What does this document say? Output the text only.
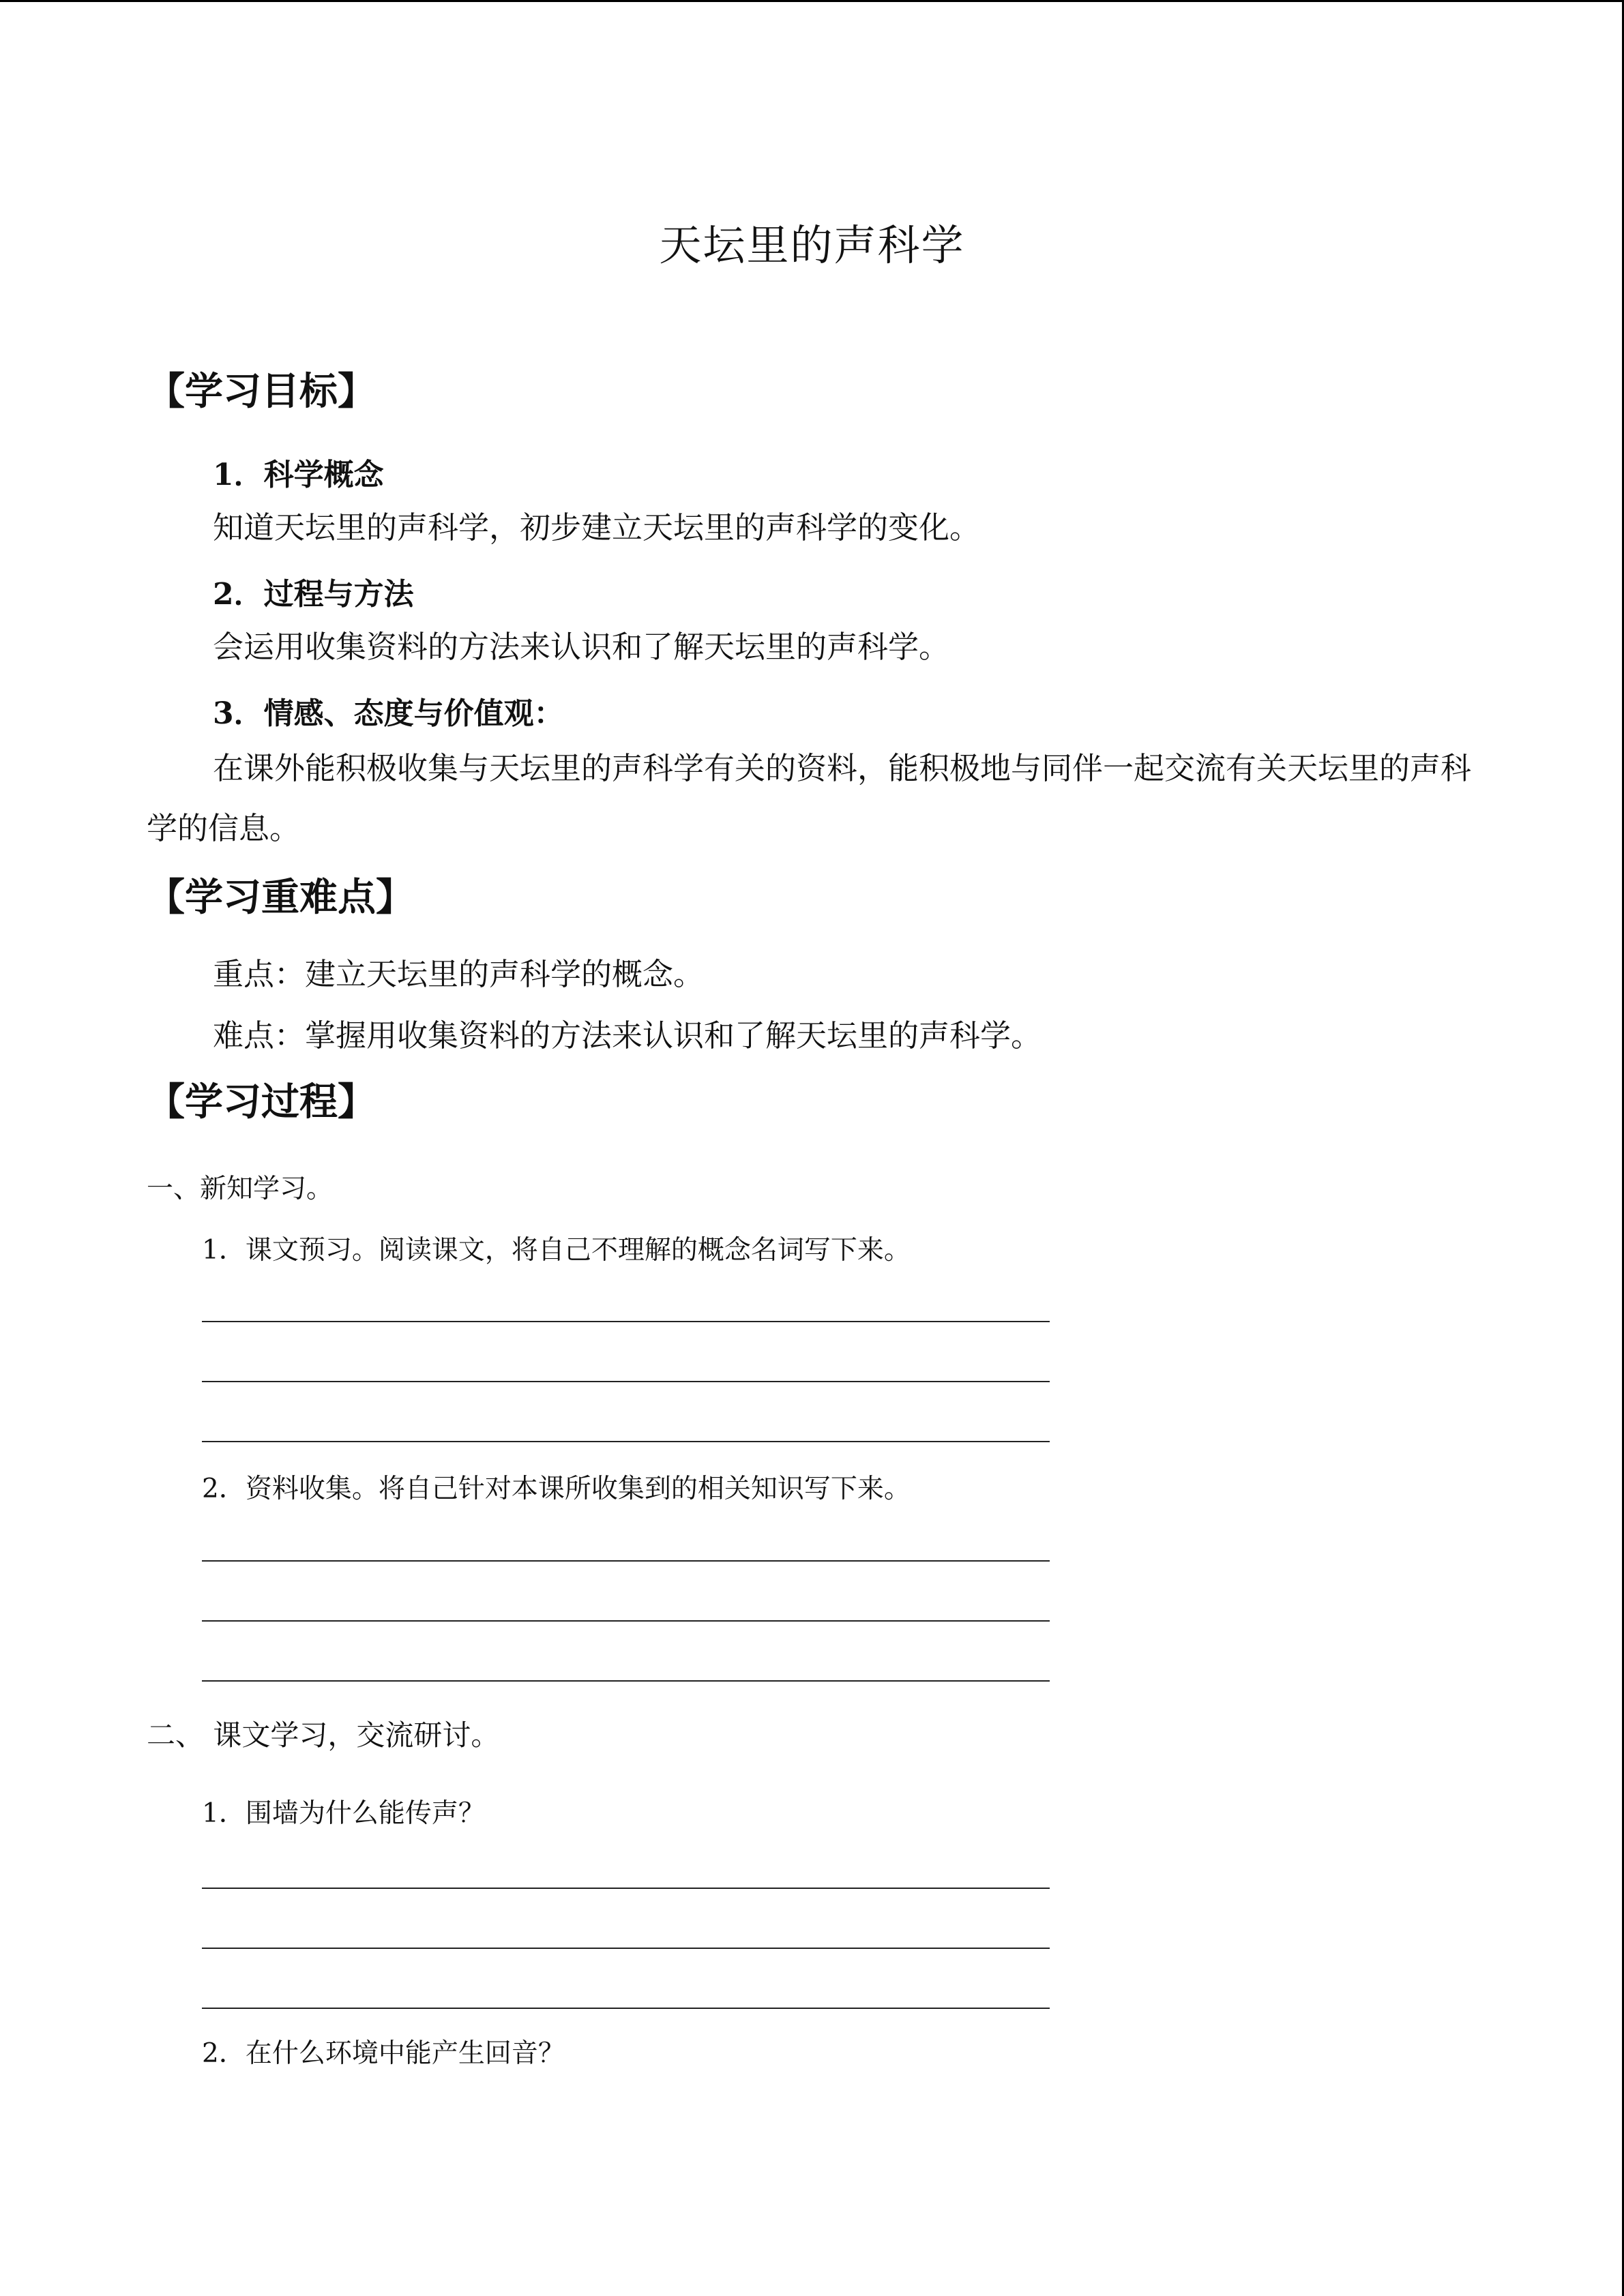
天坛里的声科学
【学习目标】
1．科学概念
知道天坛里的声科学，初步建立天坛里的声科学的变化。
2．过程与方法
会运用收集资料的方法来认识和了解天坛里的声科学。
3．情感、态度与价值观：
在课外能积极收集与天坛里的声科学有关的资料，能积极地与同伴一起交流有关天坛里的声科学的信息。
【学习重难点】
重点：建立天坛里的声科学的概念。
难点：掌握用收集资料的方法来认识和了解天坛里的声科学。
【学习过程】
一、新知学习。
1．课文预习。阅读课文，将自己不理解的概念名词写下来。
2．资料收集。将自己针对本课所收集到的相关知识写下来。
二、 课文学习，交流研讨。
1．围墙为什么能传声？
2．在什么环境中能产生回音？
